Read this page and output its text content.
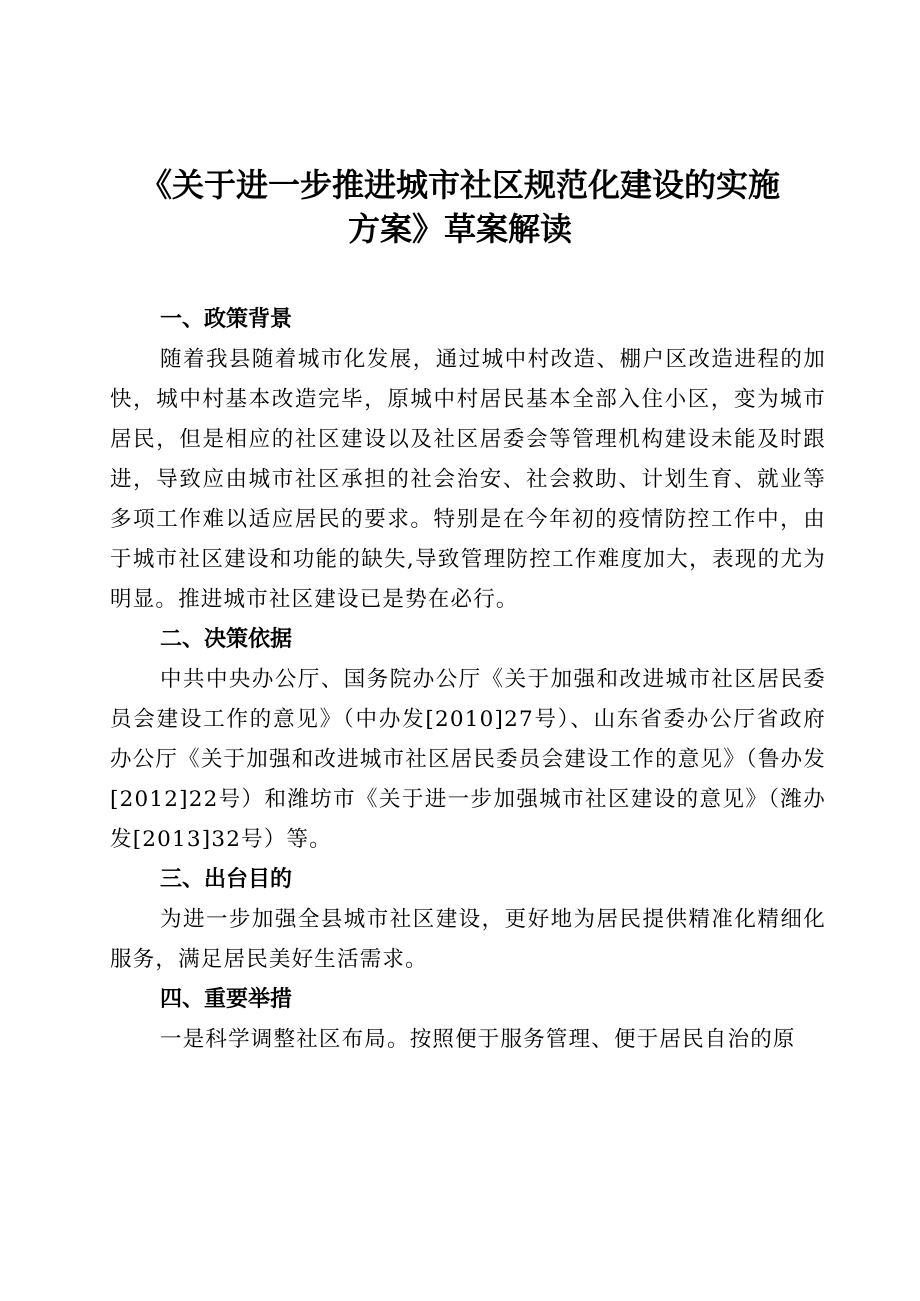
《关于进一步推进城市社区规范化建设的实施
方案》草案解读
一、政策背景

随着我县随着城市化发展，通过城中村改造、棚户区改造进程的加快，城中村基本改造完毕，原城中村居民基本全部入住小区，变为城市居民，但是相应的社区建设以及社区居委会等管理机构建设未能及时跟进，导致应由城市社区承担的社会治安、社会救助、计划生育、就业等多项工作难以适应居民的要求。特别是在今年初的疫情防控工作中，由于城市社区建设和功能的缺失,导致管理防控工作难度加大，表现的尤为明显。推进城市社区建设已是势在必行。

二、决策依据

中共中央办公厅、国务院办公厅《关于加强和改进城市社区居民委员会建设工作的意见》（中办发[2010]27号）、山东省委办公厅省政府办公厅《关于加强和改进城市社区居民委员会建设工作的意见》（鲁办发[2012]22号）和潍坊市《关于进一步加强城市社区建设的意见》（潍办发[2013]32号）等。

三、出台目的

为进一步加强全县城市社区建设，更好地为居民提供精准化精细化服务，满足居民美好生活需求。

四、重要举措

一是科学调整社区布局。按照便于服务管理、便于居民自治的原
